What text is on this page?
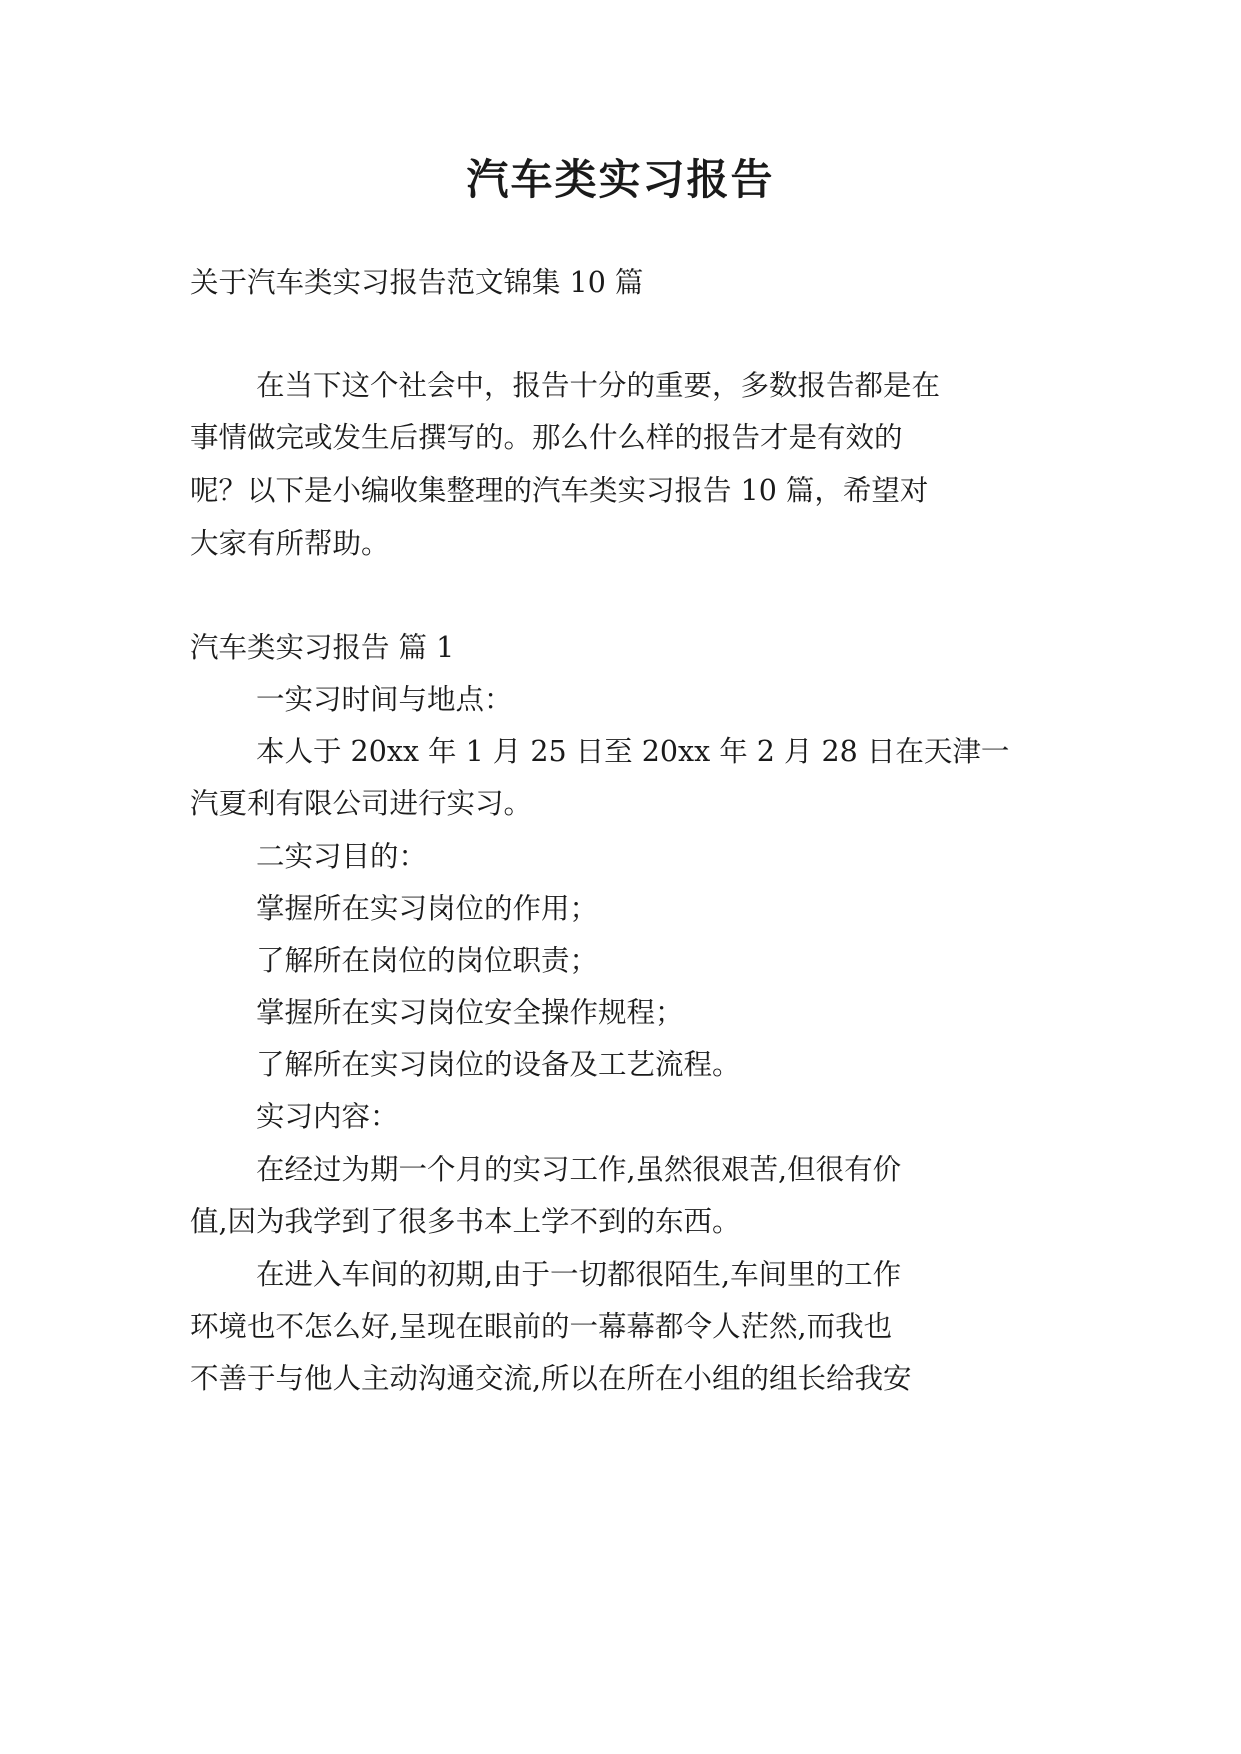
汽车类实习报告
关于汽车类实习报告范文锦集 10 篇
在当下这个社会中，报告十分的重要，多数报告都是在
事情做完或发生后撰写的。那么什么样的报告才是有效的
呢？以下是小编收集整理的汽车类实习报告 10 篇，希望对
大家有所帮助。
汽车类实习报告 篇 1
一实习时间与地点：
本人于 20xx 年 1 月 25 日至 20xx 年 2 月 28 日在天津一
汽夏利有限公司进行实习。
二实习目的：
掌握所在实习岗位的作用；
了解所在岗位的岗位职责；
掌握所在实习岗位安全操作规程；
了解所在实习岗位的设备及工艺流程。
实习内容：
在经过为期一个月的实习工作,虽然很艰苦,但很有价
值,因为我学到了很多书本上学不到的东西。
在进入车间的初期,由于一切都很陌生,车间里的工作
环境也不怎么好,呈现在眼前的一幕幕都令人茫然,而我也
不善于与他人主动沟通交流,所以在所在小组的组长给我安
